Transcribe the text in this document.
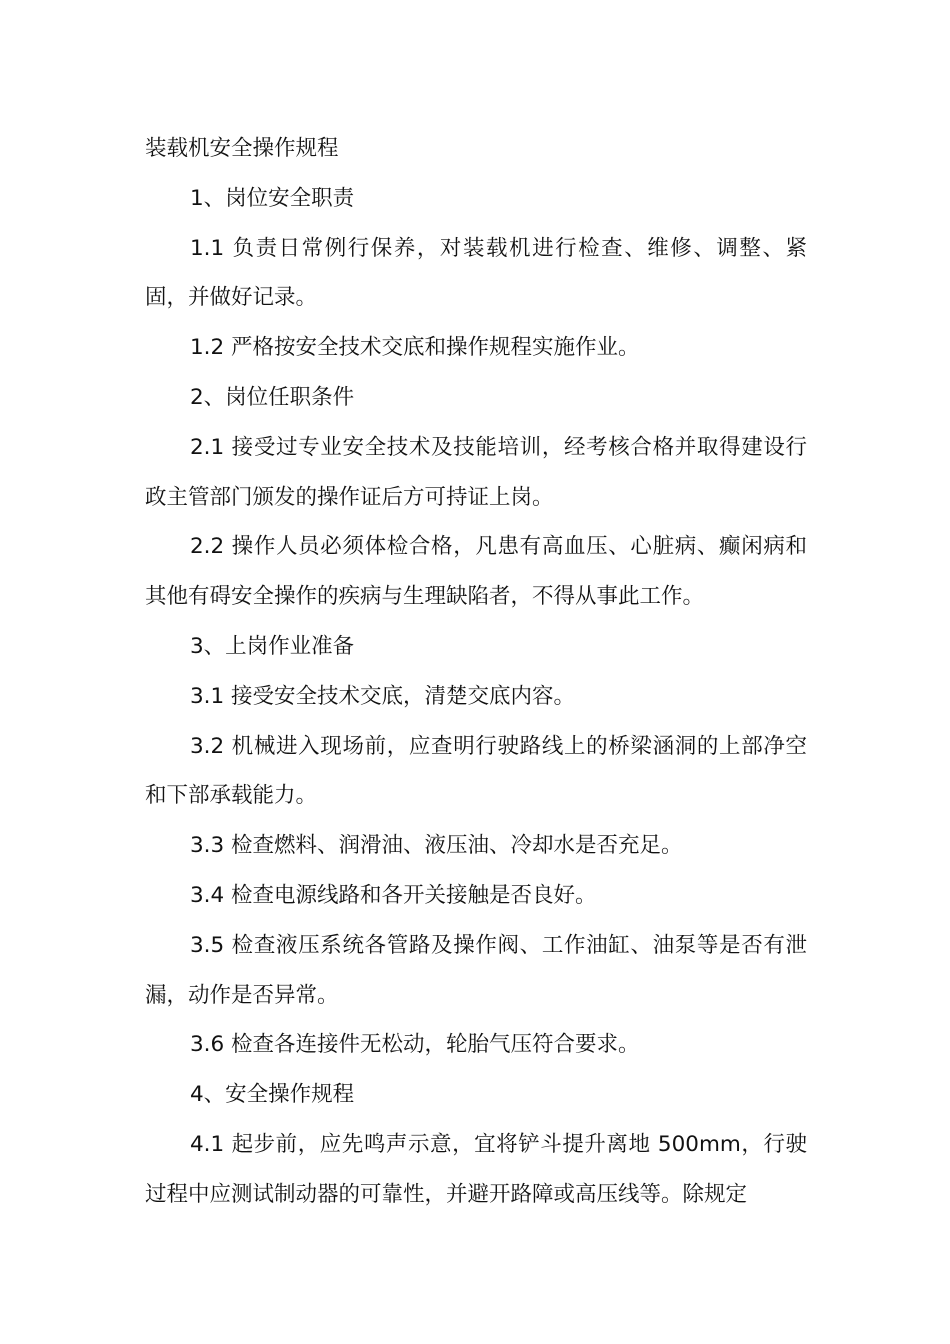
装载机安全操作规程

1、岗位安全职责

1.1 负责日常例行保养，对装载机进行检查、维修、调整、紧固，并做好记录。

1.2 严格按安全技术交底和操作规程实施作业。

2、岗位任职条件

2.1 接受过专业安全技术及技能培训，经考核合格并取得建设行政主管部门颁发的操作证后方可持证上岗。

2.2 操作人员必须体检合格，凡患有高血压、心脏病、癫闲病和其他有碍安全操作的疾病与生理缺陷者，不得从事此工作。

3、上岗作业准备

3.1 接受安全技术交底，清楚交底内容。

3.2 机械进入现场前，应查明行驶路线上的桥梁涵洞的上部净空和下部承载能力。

3.3 检查燃料、润滑油、液压油、冷却水是否充足。

3.4 检查电源线路和各开关接触是否良好。

3.5 检查液压系统各管路及操作阀、工作油缸、油泵等是否有泄漏，动作是否异常。

3.6 检查各连接件无松动，轮胎气压符合要求。

4、安全操作规程

4.1 起步前，应先鸣声示意，宜将铲斗提升离地 500mm，行驶过程中应测试制动器的可靠性，并避开路障或高压线等。除规定
